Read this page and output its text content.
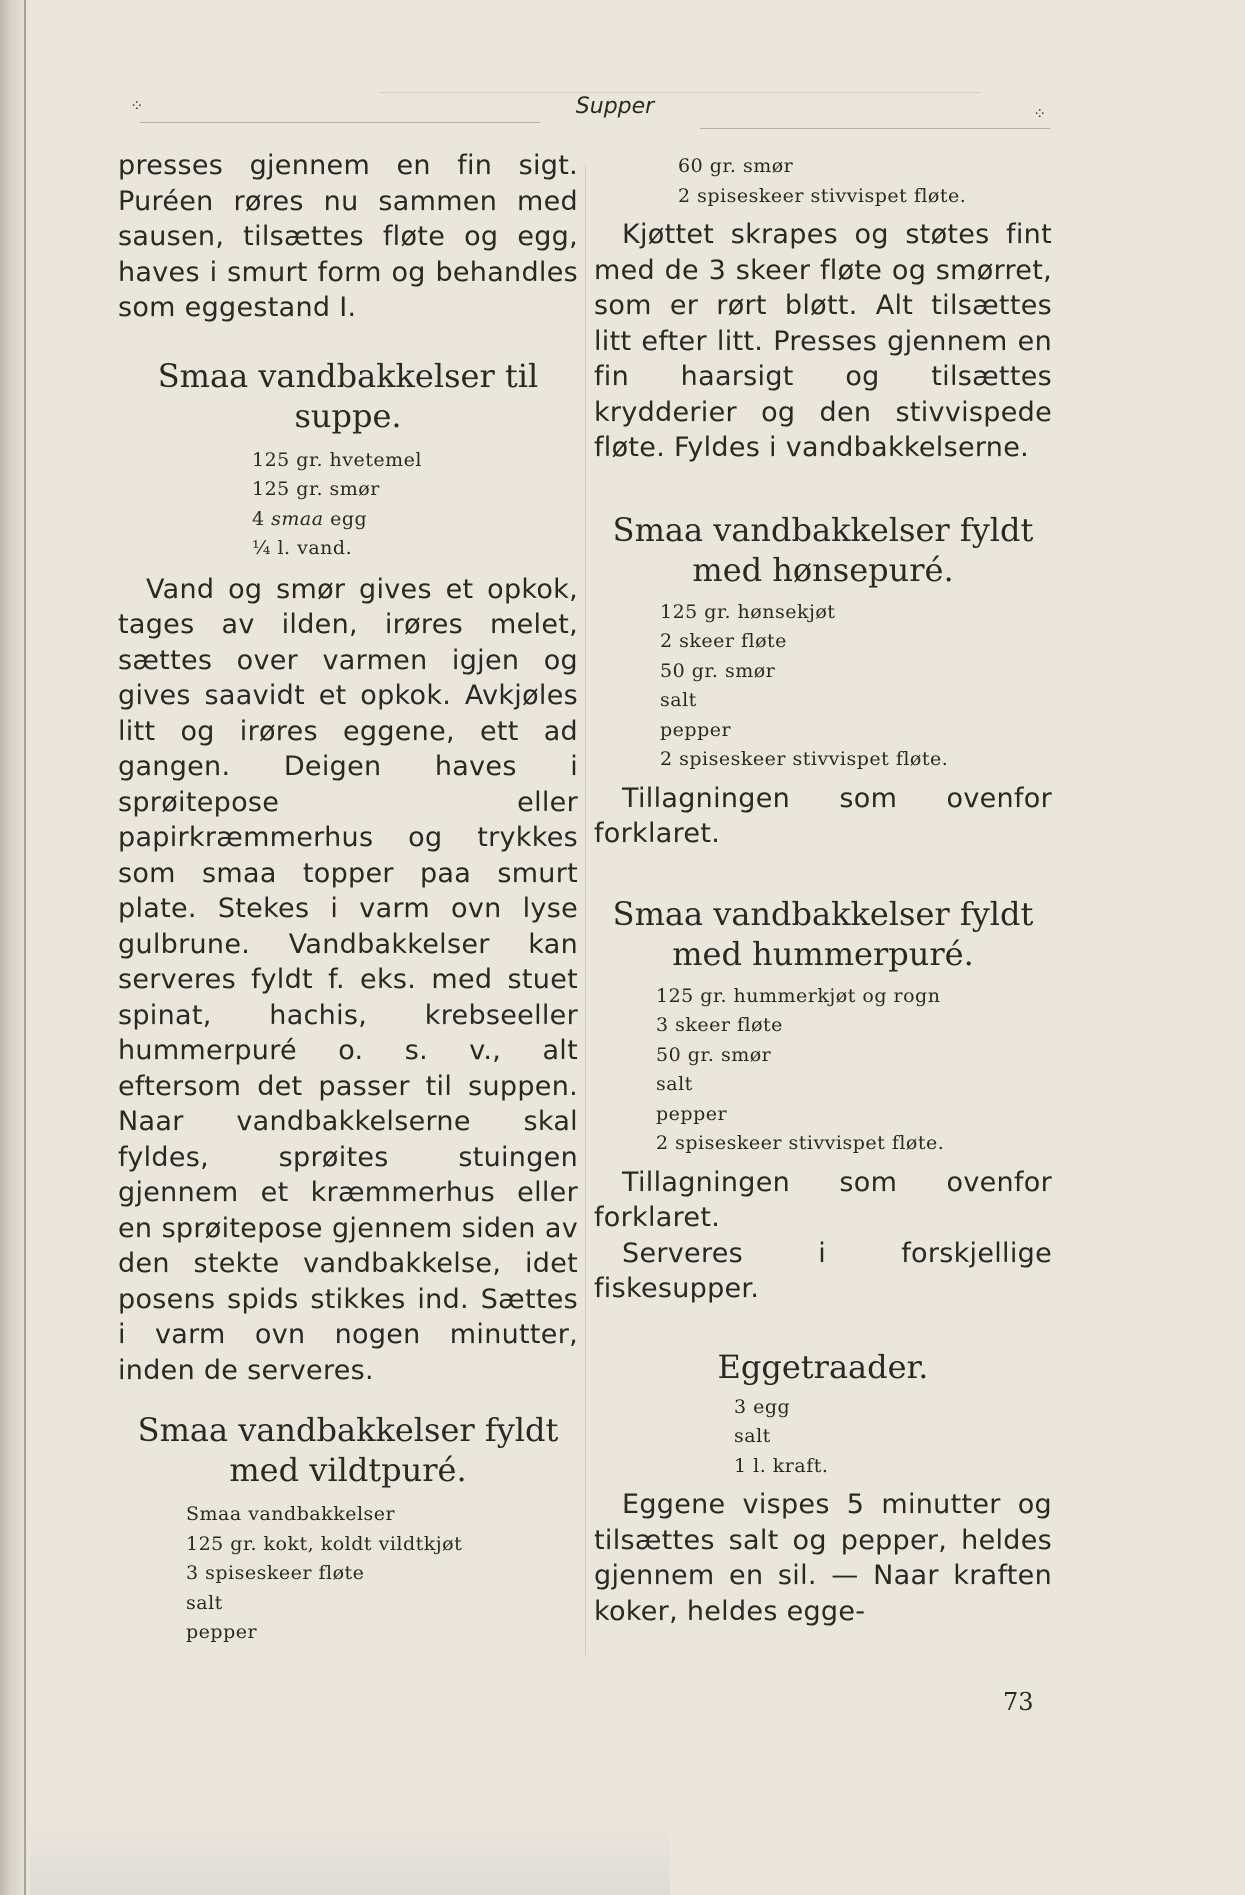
⁘	Supper	⁘

presses gjennem en fin sigt. Puréen røres nu sammen med sausen, tilsættes fløte og egg, haves i smurt form og behandles som eggestand I.

Smaa vandbakkelser til suppe.
125 gr. hvetemel
125 gr. smør
4 smaa egg
¼ l. vand.

Vand og smør gives et opkok, tages av ilden, irøres melet, sættes over varmen igjen og gives saavidt et opkok. Avkjøles litt og irøres eggene, ett ad gangen. Deigen haves i sprøitepose eller papirkræmmerhus og trykkes som smaa topper paa smurt plate. Stekes i varm ovn lyse gulbrune. Vandbakkelser kan serveres fyldt f. eks. med stuet spinat, hachis, krebseeller hummerpuré o. s. v., alt eftersom det passer til suppen. Naar vandbakkelserne skal fyldes, sprøites stuingen gjennem et kræmmerhus eller en sprøitepose gjennem siden av den stekte vandbakkelse, idet posens spids stikkes ind. Sættes i varm ovn nogen minutter, inden de serveres.

Smaa vandbakkelser fyldt med vildtpuré.
Smaa vandbakkelser
125 gr. kokt, koldt vildtkjøt
3 spiseskeer fløte
salt
pepper
60 gr. smør
2 spiseskeer stivvispet fløte.

Kjøttet skrapes og støtes fint med de 3 skeer fløte og smørret, som er rørt bløtt. Alt tilsættes litt efter litt. Presses gjennem en fin haarsigt og tilsættes krydderier og den stivvispede fløte. Fyldes i vandbakkelserne.

Smaa vandbakkelser fyldt med hønsepuré.
125 gr. hønsekjøt
2 skeer fløte
50 gr. smør
salt
pepper
2 spiseskeer stivvispet fløte.

Tillagningen som ovenfor forklaret.

Smaa vandbakkelser fyldt med hummerpuré.
125 gr. hummerkjøt og rogn
3 skeer fløte
50 gr. smør
salt
pepper
2 spiseskeer stivvispet fløte.

Tillagningen som ovenfor forklaret.

Serveres i forskjellige fiskesupper.

Eggetraader.
3 egg
salt
1 l. kraft.

Eggene vispes 5 minutter og tilsættes salt og pepper, heldes gjennem en sil. — Naar kraften koker, heldes egge-

73
